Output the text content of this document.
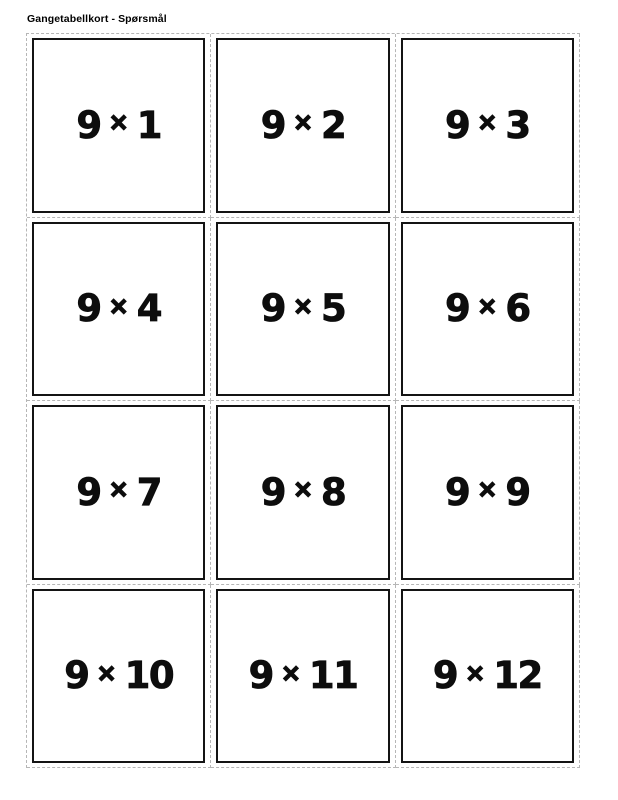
Gangetabellkort - Spørsmål
9 × 1	9 × 2	9 × 3
9 × 4	9 × 5	9 × 6
9 × 7	9 × 8	9 × 9
9 × 10 9 × 11 9 × 12
